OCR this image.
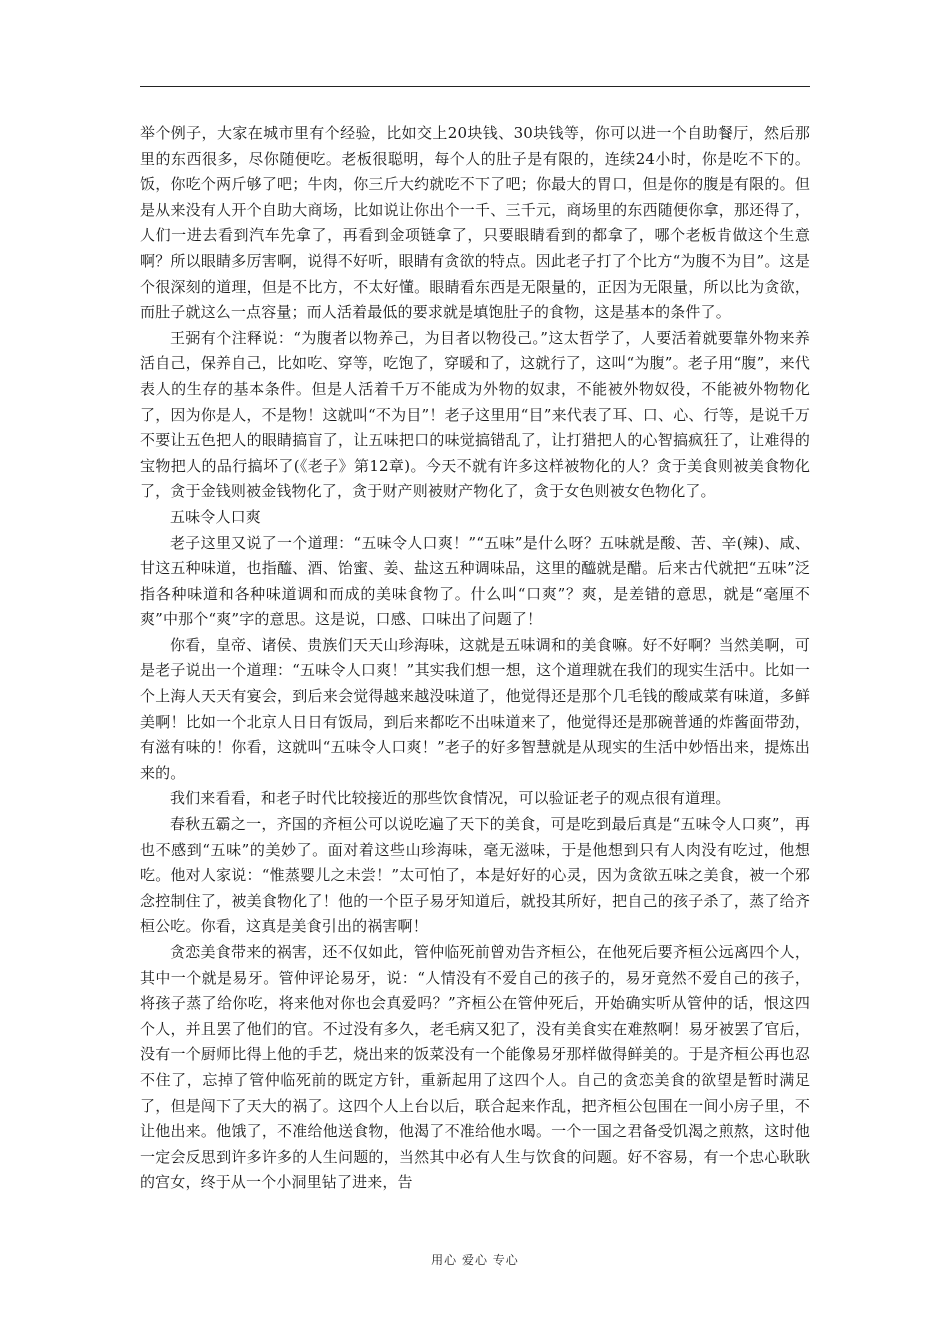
举个例子，大家在城市里有个经验，比如交上20块钱、30块钱等，你可以进一个自助餐厅，然后那里的东西很多，尽你随便吃。老板很聪明，每个人的肚子是有限的，连续24小时，你是吃不下的。饭，你吃个两斤够了吧；牛肉，你三斤大约就吃不下了吧；你最大的胃口，但是你的腹是有限的。但是从来没有人开个自助大商场，比如说让你出个一千、三千元，商场里的东西随便你拿，那还得了，人们一进去看到汽车先拿了，再看到金项链拿了，只要眼睛看到的都拿了，哪个老板肯做这个生意啊？所以眼睛多厉害啊，说得不好听，眼睛有贪欲的特点。因此老子打了个比方“为腹不为目”。这是个很深刻的道理，但是不比方，不太好懂。眼睛看东西是无限量的，正因为无限量，所以比为贪欲，而肚子就这么一点容量；而人活着最低的要求就是填饱肚子的食物，这是基本的条件了。

王弼有个注释说：“为腹者以物养己，为目者以物役己。”这太哲学了，人要活着就要靠外物来养活自己，保养自己，比如吃、穿等，吃饱了，穿暖和了，这就行了，这叫“为腹”。老子用“腹”，来代表人的生存的基本条件。但是人活着千万不能成为外物的奴隶，不能被外物奴役，不能被外物物化了，因为你是人，不是物！这就叫“不为目”！老子这里用“目”来代表了耳、口、心、行等，是说千万不要让五色把人的眼睛搞盲了，让五味把口的味觉搞错乱了，让打猎把人的心智搞疯狂了，让难得的宝物把人的品行搞坏了(《老子》第12章)。今天不就有许多这样被物化的人？贪于美食则被美食物化了，贪于金钱则被金钱物化了，贪于财产则被财产物化了，贪于女色则被女色物化了。

五味令人口爽

老子这里又说了一个道理：“五味令人口爽！”“五味”是什么呀？五味就是酸、苦、辛(辣)、咸、甘这五种味道，也指醯、酒、饴蜜、姜、盐这五种调味品，这里的醯就是醋。后来古代就把“五味”泛指各种味道和各种味道调和而成的美味食物了。什么叫“口爽”？爽，是差错的意思，就是“毫厘不爽”中那个“爽”字的意思。这是说，口感、口味出了问题了！

你看，皇帝、诸侯、贵族们天天山珍海味，这就是五味调和的美食嘛。好不好啊？当然美啊，可是老子说出一个道理：“五味令人口爽！”其实我们想一想，这个道理就在我们的现实生活中。比如一个上海人天天有宴会，到后来会觉得越来越没味道了，他觉得还是那个几毛钱的酸咸菜有味道，多鲜美啊！比如一个北京人日日有饭局，到后来都吃不出味道来了，他觉得还是那碗普通的炸酱面带劲，有滋有味的！你看，这就叫“五味令人口爽！”老子的好多智慧就是从现实的生活中妙悟出来，提炼出来的。

我们来看看，和老子时代比较接近的那些饮食情况，可以验证老子的观点很有道理。

春秋五霸之一，齐国的齐桓公可以说吃遍了天下的美食，可是吃到最后真是“五味令人口爽”，再也不感到“五味”的美妙了。面对着这些山珍海味，毫无滋味，于是他想到只有人肉没有吃过，他想吃。他对人家说：“惟蒸婴儿之未尝！”太可怕了，本是好好的心灵，因为贪欲五味之美食，被一个邪念控制住了，被美食物化了！他的一个臣子易牙知道后，就投其所好，把自己的孩子杀了，蒸了给齐桓公吃。你看，这真是美食引出的祸害啊！

贪恋美食带来的祸害，还不仅如此，管仲临死前曾劝告齐桓公，在他死后要齐桓公远离四个人，其中一个就是易牙。管仲评论易牙，说：“人情没有不爱自己的孩子的，易牙竟然不爱自己的孩子，将孩子蒸了给你吃，将来他对你也会真爱吗？”齐桓公在管仲死后，开始确实听从管仲的话，恨这四个人，并且罢了他们的官。不过没有多久，老毛病又犯了，没有美食实在难熬啊！易牙被罢了官后，没有一个厨师比得上他的手艺，烧出来的饭菜没有一个能像易牙那样做得鲜美的。于是齐桓公再也忍不住了，忘掉了管仲临死前的既定方针，重新起用了这四个人。自己的贪恋美食的欲望是暂时满足了，但是闯下了天大的祸了。这四个人上台以后，联合起来作乱，把齐桓公包围在一间小房子里，不让他出来。他饿了，不准给他送食物，他渴了不准给他水喝。一个一国之君备受饥渴之煎熬，这时他一定会反思到许多许多的人生问题的，当然其中必有人生与饮食的问题。好不容易，有一个忠心耿耿的宫女，终于从一个小洞里钻了进来，告

用心 爱心 专心
